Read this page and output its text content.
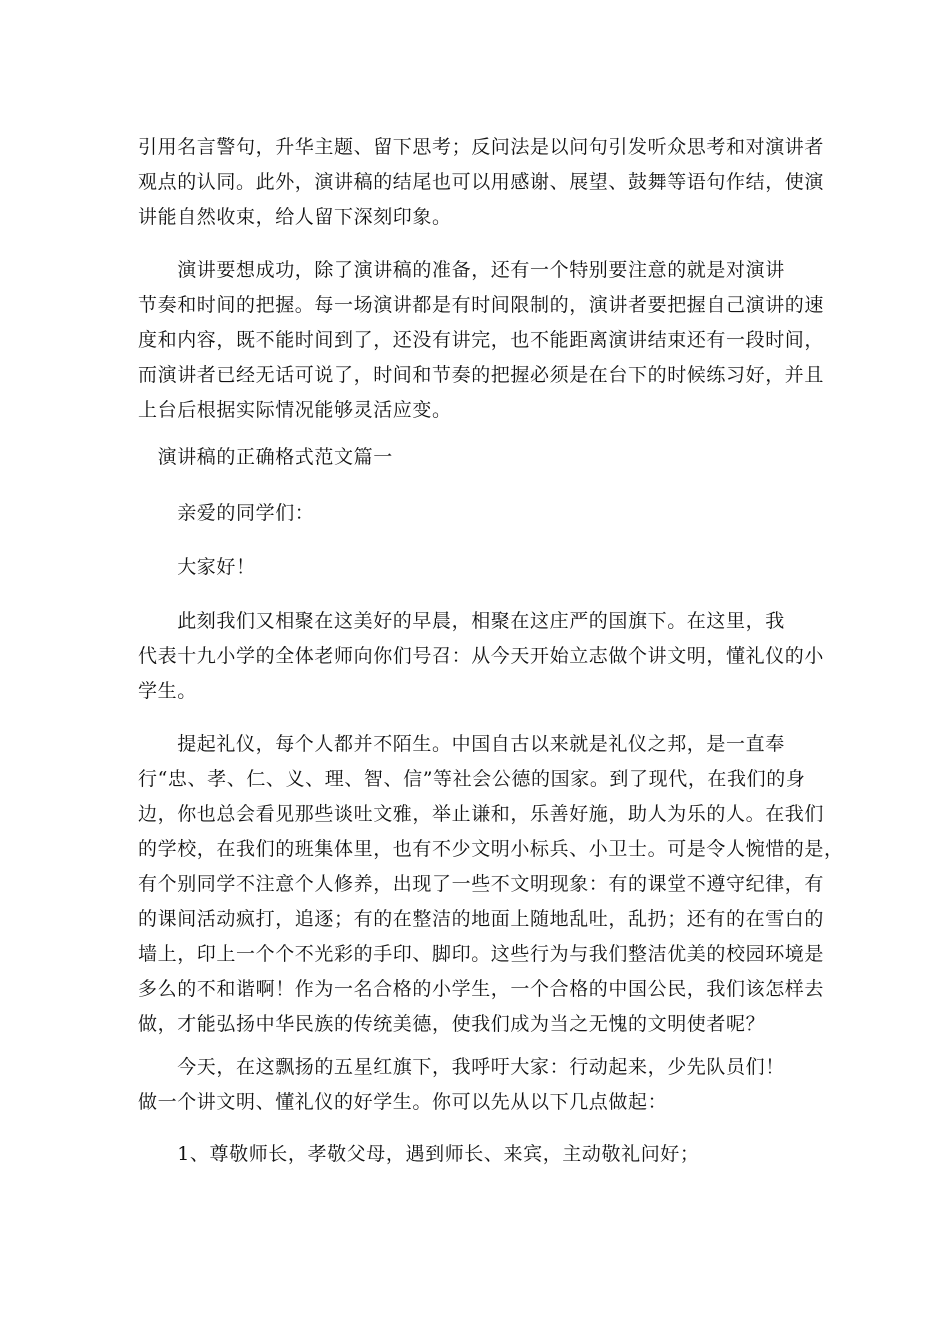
引用名言警句，升华主题、留下思考；反问法是以问句引发听众思考和对演讲者
观点的认同。此外，演讲稿的结尾也可以用感谢、展望、鼓舞等语句作结，使演
讲能自然收束，给人留下深刻印象。
　　演讲要想成功，除了演讲稿的准备，还有一个特别要注意的就是对演讲
节奏和时间的把握。每一场演讲都是有时间限制的，演讲者要把握自己演讲的速
度和内容，既不能时间到了，还没有讲完，也不能距离演讲结束还有一段时间，
而演讲者已经无话可说了，时间和节奏的把握必须是在台下的时候练习好，并且
上台后根据实际情况能够灵活应变。
　演讲稿的正确格式范文篇一
　　亲爱的同学们：
　　大家好！
　　此刻我们又相聚在这美好的早晨，相聚在这庄严的国旗下。在这里，我
代表十九小学的全体老师向你们号召：从今天开始立志做个讲文明，懂礼仪的小
学生。
　　提起礼仪，每个人都并不陌生。中国自古以来就是礼仪之邦，是一直奉
行“忠、孝、仁、义、理、智、信”等社会公德的国家。到了现代，在我们的身
边，你也总会看见那些谈吐文雅，举止谦和，乐善好施，助人为乐的人。在我们
的学校，在我们的班集体里，也有不少文明小标兵、小卫士。可是令人惋惜的是，
有个别同学不注意个人修养，出现了一些不文明现象：有的课堂不遵守纪律，有
的课间活动疯打，追逐；有的在整洁的地面上随地乱吐，乱扔；还有的在雪白的
墙上，印上一个个不光彩的手印、脚印。这些行为与我们整洁优美的校园环境是
多么的不和谐啊！作为一名合格的小学生，一个合格的中国公民，我们该怎样去
做，才能弘扬中华民族的传统美德，使我们成为当之无愧的文明使者呢？
　　今天，在这飘扬的五星红旗下，我呼吁大家：行动起来，少先队员们！
做一个讲文明、懂礼仪的好学生。你可以先从以下几点做起：
　　1、尊敬师长，孝敬父母，遇到师长、来宾，主动敬礼问好；
